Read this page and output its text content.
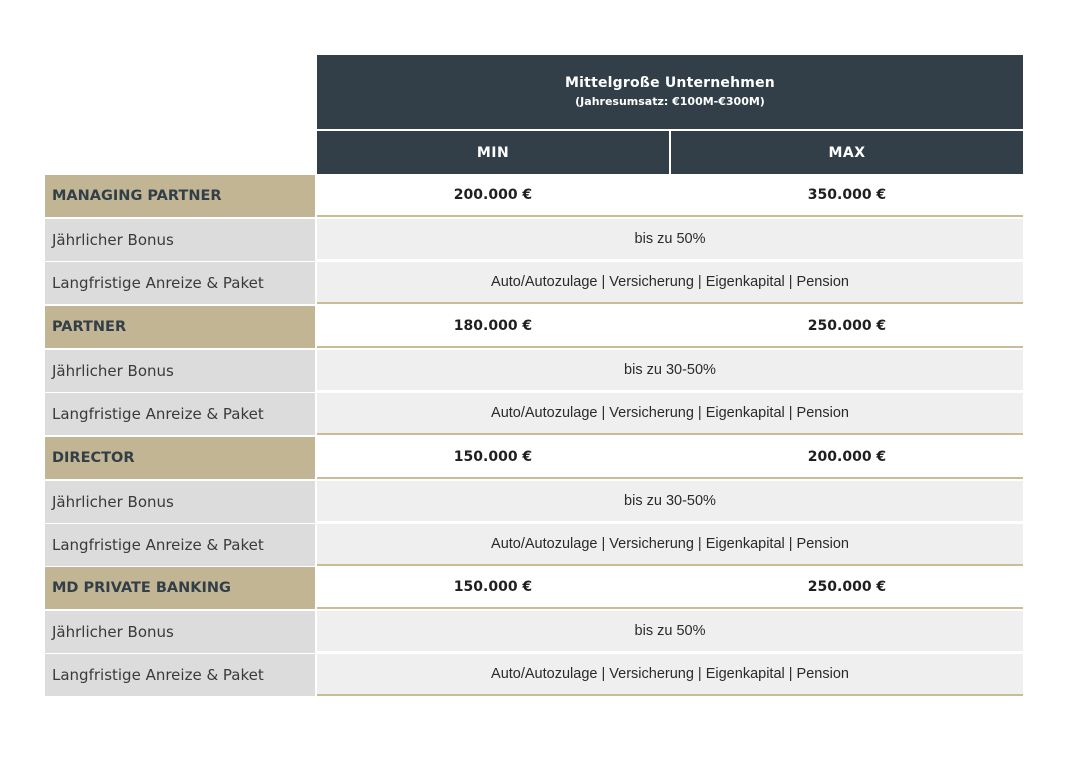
Mittelgroße Unternehmen
(Jahresumsatz: €100M-€300M)
MIN	MAX
MANAGING PARTNER	200.000 €	350.000 €
Jährlicher Bonus	bis zu 50%
Langfristige Anreize & Paket	Auto/Autozulage | Versicherung | Eigenkapital | Pension
PARTNER	180.000 €	250.000 €
Jährlicher Bonus	bis zu 30-50%
Langfristige Anreize & Paket	Auto/Autozulage | Versicherung | Eigenkapital | Pension
DIRECTOR	150.000 €	200.000 €
Jährlicher Bonus	bis zu 30-50%
Langfristige Anreize & Paket	Auto/Autozulage | Versicherung | Eigenkapital | Pension
MD PRIVATE BANKING	150.000 €	250.000 €
Jährlicher Bonus	bis zu 50%
Langfristige Anreize & Paket	Auto/Autozulage | Versicherung | Eigenkapital | Pension
